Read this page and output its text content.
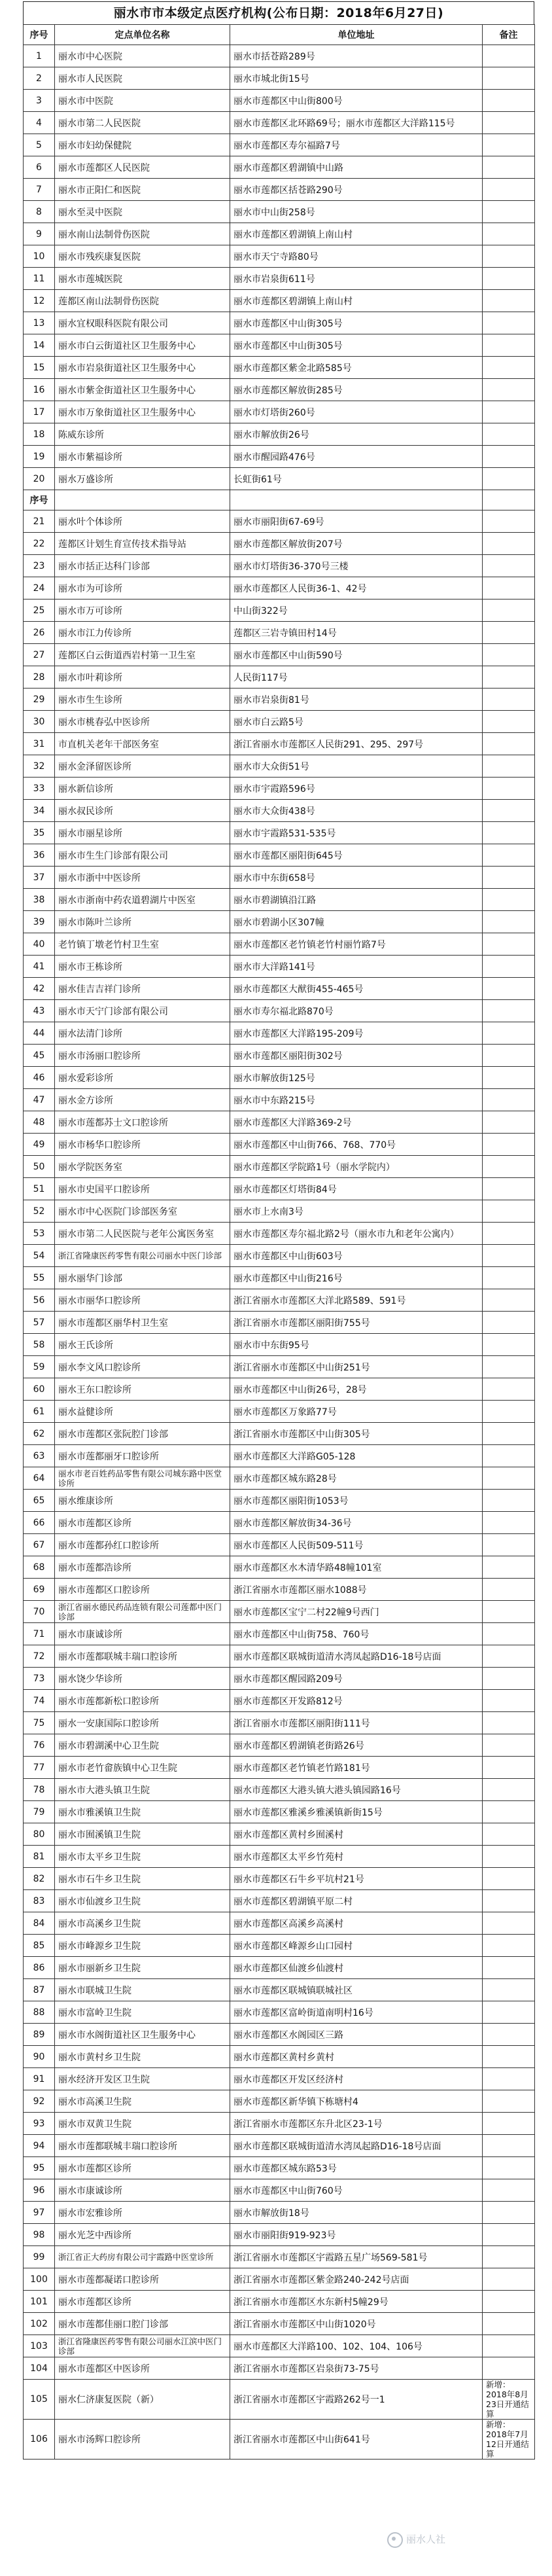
丽水市市本级定点医疗机构(公布日期：2018年6月27日)
序号	定点单位名称	单位地址	备注
1	丽水市中心医院	丽水市括苍路289号	
2	丽水市人民医院	丽水市城北街15号	
3	丽水市中医院	丽水市莲都区中山街800号	
4	丽水市第二人民医院	丽水市莲都区北环路69号；丽水市莲都区大洋路115号	
5	丽水市妇幼保健院	丽水市莲都区寿尔福路7号	
6	丽水市莲都区人民医院	丽水市莲都区碧湖镇中山路	
7	丽水市正阳仁和医院	丽水市莲都区括苍路290号	
8	丽水至灵中医院	丽水市中山街258号	
9	丽水南山法制骨伤医院	丽水市莲都区碧湖镇上南山村	
10	丽水市残疾康复医院	丽水市天宁寺路80号	
11	丽水市莲城医院	丽水市岩泉街611号	
12	莲都区南山法制骨伤医院	丽水市莲都区碧湖镇上南山村	
13	丽水宜权眼科医院有限公司	丽水市莲都区中山街305号	
14	丽水市白云街道社区卫生服务中心	丽水市莲都区中山街305号	
15	丽水市岩泉街道社区卫生服务中心	丽水市莲都区紫金北路585号	
16	丽水市紫金街道社区卫生服务中心	丽水市莲都区解放街285号	
17	丽水市万象街道社区卫生服务中心	丽水市灯塔街260号	
18	陈威东诊所	丽水市解放街26号	
19	丽水市紫福诊所	丽水市醒园路476号	
20	丽水万盛诊所	长虹街61号	
序号			
21	丽水叶个体诊所	丽水市丽阳街67-69号	
22	莲都区计划生育宣传技术指导站	丽水市莲都区解放街207号	
23	丽水市括正达科门诊部	丽水市灯塔街36-370号三楼	
24	丽水市为可诊所	丽水市莲都区人民街36-1、42号	
25	丽水市万可诊所	中山街322号	
26	丽水市江力传诊所	莲都区三岩寺镇田村14号	
27	莲都区白云街道西岩村第一卫生室	丽水市莲都区中山街590号	
28	丽水市叶莉诊所	人民街117号	
29	丽水市生生诊所	丽水市岩泉街81号	
30	丽水市桃春弘中医诊所	丽水市白云路5号	
31	市直机关老年干部医务室	浙江省丽水市莲都区人民街291、295、297号	
32	丽水金泽留医诊所	丽水市大众街51号	
33	丽水新信诊所	丽水市宇霞路596号	
34	丽水叔民诊所	丽水市大众街438号	
35	丽水市丽星诊所	丽水市宇霞路531-535号	
36	丽水市生生门诊部有限公司	丽水市莲都区丽阳街645号	
37	丽水市浙中中医诊所	丽水市中东街658号	
38	丽水市浙南中药农道碧湖片中医室	丽水市碧湖镇沿江路	
39	丽水市陈叶兰诊所	丽水市碧湖小区307幢	
40	老竹镇丁墩老竹村卫生室	丽水市莲都区老竹镇老竹村丽竹路7号	
41	丽水市王栋诊所	丽水市大洋路141号	
42	丽水佳吉吉祥门诊所	丽水市莲都区大猷街455-465号	
43	丽水市天宁门诊部有限公司	丽水市寿尔福北路870号	
44	丽水法清门诊所	丽水市莲都区大洋路195-209号	
45	丽水市汤丽口腔诊所	丽水市莲都区丽阳街302号	
46	丽水爱彩诊所	丽水市解放街125号	
47	丽水金方诊所	丽水市中东路215号	
48	丽水市莲都苏士文口腔诊所	丽水市莲都区大洋路369-2号	
49	丽水市杨华口腔诊所	丽水市莲都区中山街766、768、770号	
50	丽水学院医务室	丽水市莲都区学院路1号（丽水学院内）	
51	丽水市史国平口腔诊所	丽水市莲都区灯塔街84号	
52	丽水市中心医院门诊部医务室	丽水市上水南3号	
53	丽水市第二人民医院与老年公寓医务室	丽水市莲都区寿尔福北路2号（丽水市九和老年公寓内）	
54	浙江省隆康医药零售有限公司丽水中医门诊部	丽水市莲都区中山街603号	
55	丽水丽华门诊部	丽水市莲都区中山街216号	
56	丽水市丽华口腔诊所	浙江省丽水市莲都区大洋北路589、591号	
57	丽水市莲都区丽华村卫生室	浙江省丽水市莲都区丽阳街755号	
58	丽水王氏诊所	丽水市中东街95号	
59	丽水李文风口腔诊所	浙江省丽水市莲都区中山街251号	
60	丽水王东口腔诊所	丽水市莲都区中山街26号，28号	
61	丽水益健诊所	丽水市莲都区万象路77号	
62	丽水市莲都区张阮腔门诊部	浙江省丽水市莲都区中山街305号	
63	丽水市莲都丽牙口腔诊所	丽水市莲都区大洋路G05-128	
64	丽水市老百姓药品零售有限公司城东路中医堂诊所	丽水市莲都区城东路28号	
65	丽水维康诊所	丽水市莲都区丽阳街1053号	
66	丽水市莲都区诊所	丽水市莲都区解放街34-36号	
67	丽水市莲都孙红口腔诊所	丽水市莲都区人民街509-511号	
68	丽水市莲都浩诊所	丽水市莲都区水木清华路48幢101室	
69	丽水市莲都区口腔诊所	浙江省丽水市莲都区丽水1088号	
70	浙江省丽水德民药品连锁有限公司莲都中医门诊部	丽水市莲都区宝宁二村22幢9号西门	
71	丽水市康诚诊所	丽水市莲都区中山街758、760号	
72	丽水市莲都联城丰瑞口腔诊所	丽水市莲都区联城街道清水湾凤起路D16-18号店面	
73	丽水饶少华诊所	丽水市莲都区醒园路209号	
74	丽水市莲都新松口腔诊所	丽水市莲都区开发路812号	
75	丽水一安康国际口腔诊所	浙江省丽水市莲都区丽阳街111号	
76	丽水市碧湖溪中心卫生院	丽水市莲都区碧湖镇老街路26号	
77	丽水市老竹畲族镇中心卫生院	丽水市莲都区老竹镇老竹路181号	
78	丽水市大港头镇卫生院	丽水市莲都区大港头镇大港头镇园路16号	
79	丽水市雅溪镇卫生院	丽水市莲都区雅溪乡雅溪镇新街15号	
80	丽水市囿溪镇卫生院	丽水市莲都区黄村乡囿溪村	
81	丽水市太平乡卫生院	丽水市莲都区太平乡竹苑村	
82	丽水市石牛乡卫生院	丽水市莲都区石牛乡平坑村21号	
83	丽水市仙渡乡卫生院	丽水市莲都区碧湖镇平原二村	
84	丽水市高溪乡卫生院	丽水市莲都区高溪乡高溪村	
85	丽水市峰源乡卫生院	丽水市莲都区峰源乡山口园村	
86	丽水市丽新乡卫生院	丽水市莲都区仙渡乡仙渡村	
87	丽水市联城卫生院	丽水市莲都区联城镇联城社区	
88	丽水市富岭卫生院	丽水市莲都区富岭街道南明村16号	
89	丽水市水阁街道社区卫生服务中心	丽水市莲都区水阁园区三路	
90	丽水市黄村乡卫生院	丽水市莲都区黄村乡黄村	
91	丽水经济开发区卫生院	丽水市莲都区开发区经济村	
92	丽水市高溪卫生院	丽水市莲都区新华镇下栋塘村4	
93	丽水市双黄卫生院	浙江省丽水市莲都区东升北区23-1号	
94	丽水市莲都联城丰瑞口腔诊所	丽水市莲都区联城街道清水湾凤起路D16-18号店面	
95	丽水市莲都区诊所	丽水市莲都区城东路53号	
96	丽水市康诚诊所	丽水市莲都区中山街760号	
97	丽水市宏雅诊所	丽水市解放街18号	
98	丽水光芝中西诊所	丽水市丽阳街919-923号	
99	浙江省正大药房有限公司宇霞路中医堂诊所	浙江省丽水市莲都区宇霞路五星广场569-581号	
100	丽水市莲都凝诺口腔诊所	浙江省丽水市莲都区紫金路240-242号店面	
101	丽水市莲都区诊所	浙江省丽水市莲都区水东新村5幢29号	
102	丽水市莲都佳丽口腔门诊部	浙江省丽水市莲都区中山街1020号	
103	浙江省隆康医药零售有限公司丽水江滨中医门诊部	丽水市莲都区大洋路100、102、104、106号	
104	丽水市莲都区中医诊所	浙江省丽水市莲都区岩泉街73-75号	
105	丽水仁济康复医院（新）	浙江省丽水市莲都区宇霞路262号一1	新增：2018年8月23日开通结算
106	丽水市汤辉口腔诊所	浙江省丽水市莲都区中山街641号	新增：2018年7月12日开通结算
丽水人社
